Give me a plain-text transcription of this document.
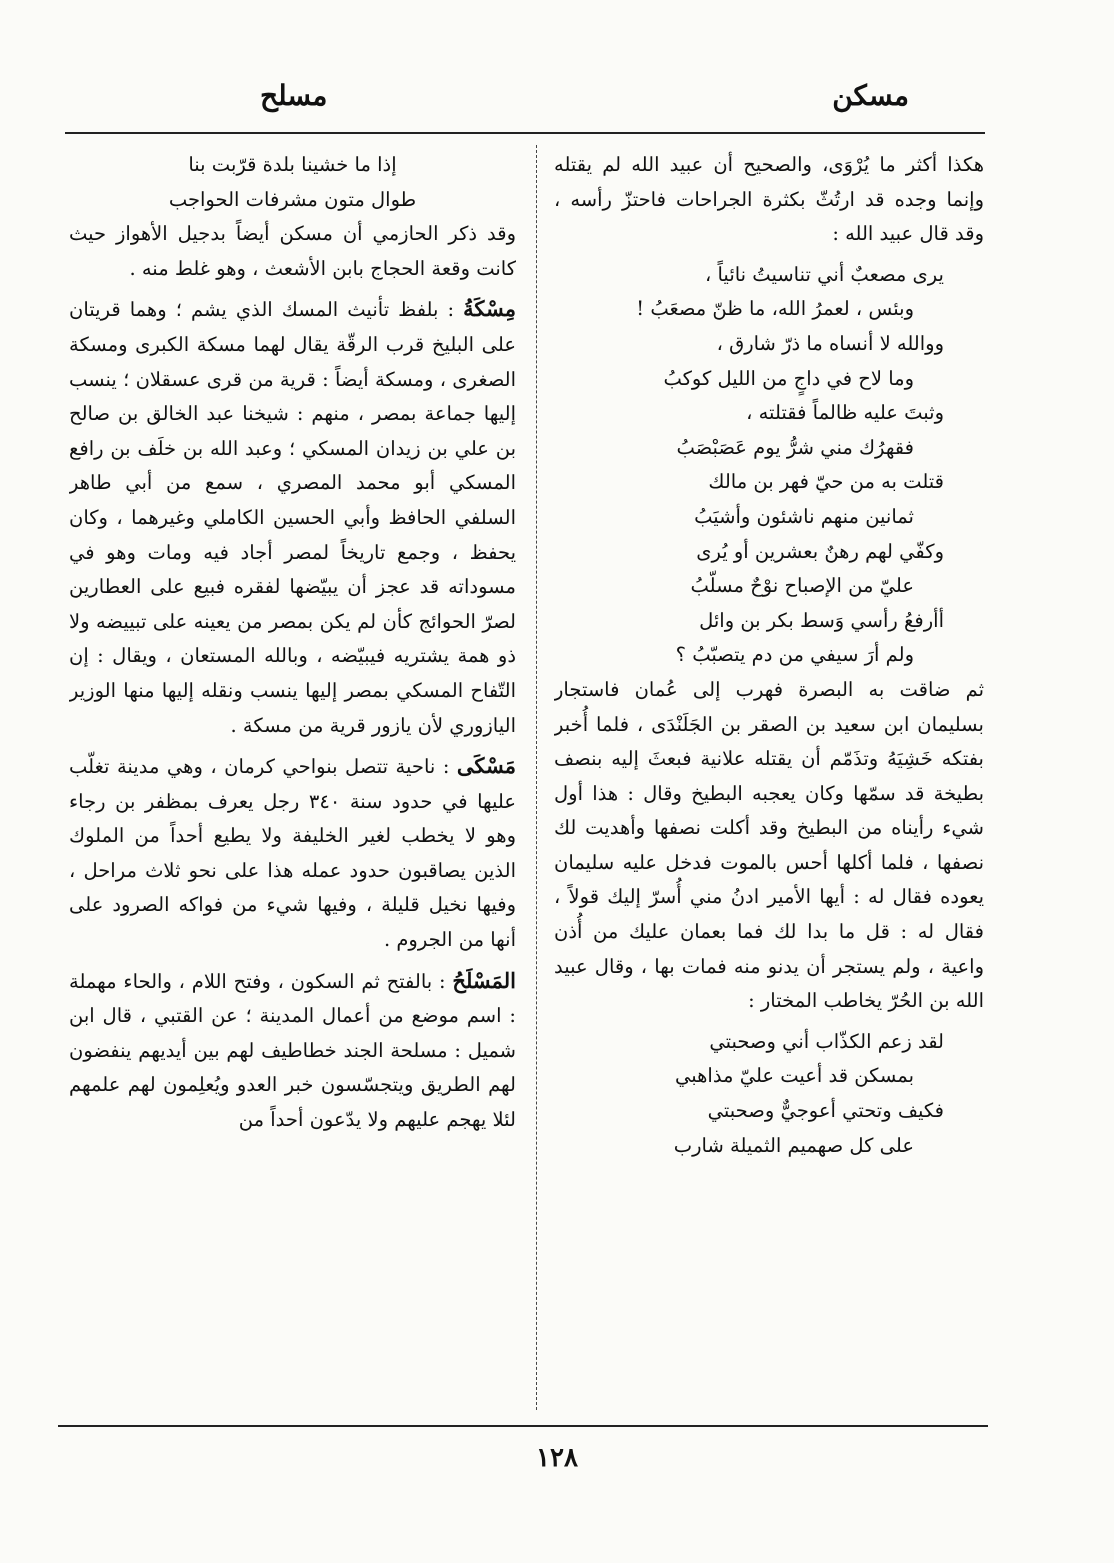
مسكن
مسلح

هكذا أكثر ما يُرْوَى، والصحيح أن عبيد الله لم يقتله وإنما وجده قد ارتُثّ بكثرة الجراحات فاحتزّ رأسه ، وقد قال عبيد الله :

يرى مصعبٌ أني تناسيتُ نائياً ،
وبئس ، لعمرُ الله، ما ظنّ مصعَبُ !
ووالله لا أنساه ما ذرّ شارق ،
وما لاح في داجٍ من الليل كوكبُ
وثبتَ عليه ظالماً فقتلته ،
فقهرُك مني شرُّ يوم عَصَبْصَبُ
قتلت به من حيّ فهر بن مالك
ثمانين منهم ناشئون وأشيَبُ
وكفّي لهم رهنٌ بعشرين أو يُرى
عليّ من الإصباح نوْحٌ مسلّبُ
أأرفعُ رأسي وَسط بكر بن وائل
ولم أرَ سيفي من دم يتصبّبُ ؟

ثم ضاقت به البصرة فهرب إلى عُمان فاستجار بسليمان ابن سعيد بن الصقر بن الجَلَنْدَى ، فلما أُخبر بفتكه خَشِيَهُ وتذَمّم أن يقتله علانية فبعثَ إليه بنصف بطيخة قد سمّها وكان يعجبه البطيخ وقال : هذا أول شيء رأيناه من البطيخ وقد أكلت نصفها وأهديت لك نصفها ، فلما أكلها أحس بالموت فدخل عليه سليمان يعوده فقال له : أيها الأمير ادنُ مني أُسرّ إليك قولاً ، فقال له : قل ما بدا لك فما بعمان عليك من أُذن واعية ، ولم يستجر أن يدنو منه فمات بها ، وقال عبيد الله بن الحُرّ يخاطب المختار :

لقد زعم الكذّاب أني وصحبتي
بمسكن قد أعيت عليّ مذاهبي
فكيف وتحتي أعوجيٌّ وصحبتي
على كل صهميم الثميلة شارب
إذا ما خشينا بلدة قرّبت بنا
طوال متون مشرفات الحواجب

وقد ذكر الحازمي أن مسكن أيضاً بدجيل الأهواز حيث كانت وقعة الحجاج بابن الأشعث ، وهو غلط منه .

مِسْكَةُ : بلفظ تأنيث المسك الذي يشم ؛ وهما قريتان على البليخ قرب الرقّة يقال لهما مسكة الكبرى ومسكة الصغرى ، ومسكة أيضاً : قرية من قرى عسقلان ؛ ينسب إليها جماعة بمصر ، منهم : شيخنا عبد الخالق بن صالح بن علي بن زيدان المسكي ؛ وعبد الله بن خلَف بن رافع المسكي أبو محمد المصري ، سمع من أبي طاهر السلفي الحافظ وأبي الحسين الكاملي وغيرهما ، وكان يحفظ ، وجمع تاريخاً لمصر أجاد فيه ومات وهو في مسوداته قد عجز أن يبيّضها لفقره فبيع على العطارين لصرّ الحوائج كأن لم يكن بمصر من يعينه على تبييضه ولا ذو همة يشتريه فيبيّضه ، وبالله المستعان ، ويقال : إن التّفاح المسكي بمصر إليها ينسب ونقله إليها منها الوزير اليازوري لأن يازور قرية من مسكة .

مَسْكَى : ناحية تتصل بنواحي كرمان ، وهي مدينة تغلّب عليها في حدود سنة ٣٤٠ رجل يعرف بمظفر بن رجاء وهو لا يخطب لغير الخليفة ولا يطيع أحداً من الملوك الذين يصاقبون حدود عمله هذا على نحو ثلاث مراحل ، وفيها نخيل قليلة ، وفيها شيء من فواكه الصرود على أنها من الجروم .

المَسْلَحُ : بالفتح ثم السكون ، وفتح اللام ، والحاء مهملة : اسم موضع من أعمال المدينة ؛ عن القتبي ، قال ابن شميل : مسلحة الجند خطاطيف لهم بين أيديهم ينفضون لهم الطريق ويتجسّسون خبر العدو ويُعلِمون لهم علمهم لئلا يهجم عليهم ولا يدّعون أحداً من

١٢٨
